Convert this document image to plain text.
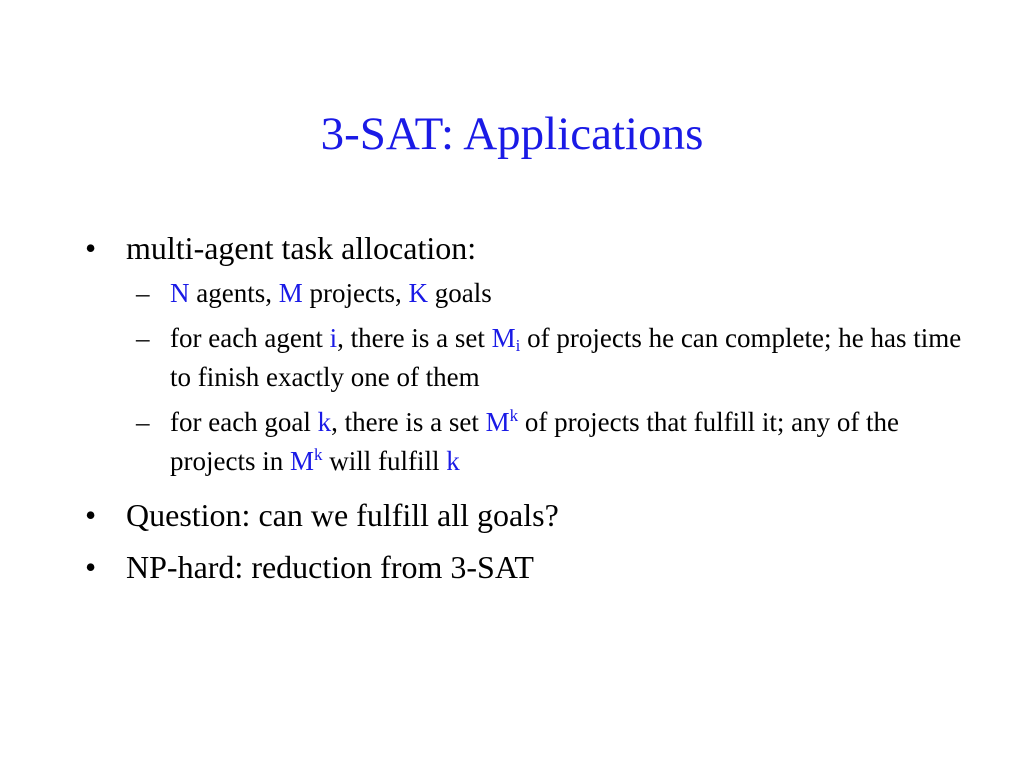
3-SAT: Applications
• multi-agent task allocation:
– N agents, M projects, K goals
– for each agent i, there is a set $M_i$ of projects he can complete; he has time to finish exactly one of them
– for each goal k, there is a set $M^k$ of projects that fulfill it; any of the projects in $M^k$ will fulfill k
• Question: can we fulfill all goals?
• NP-hard: reduction from 3-SAT
